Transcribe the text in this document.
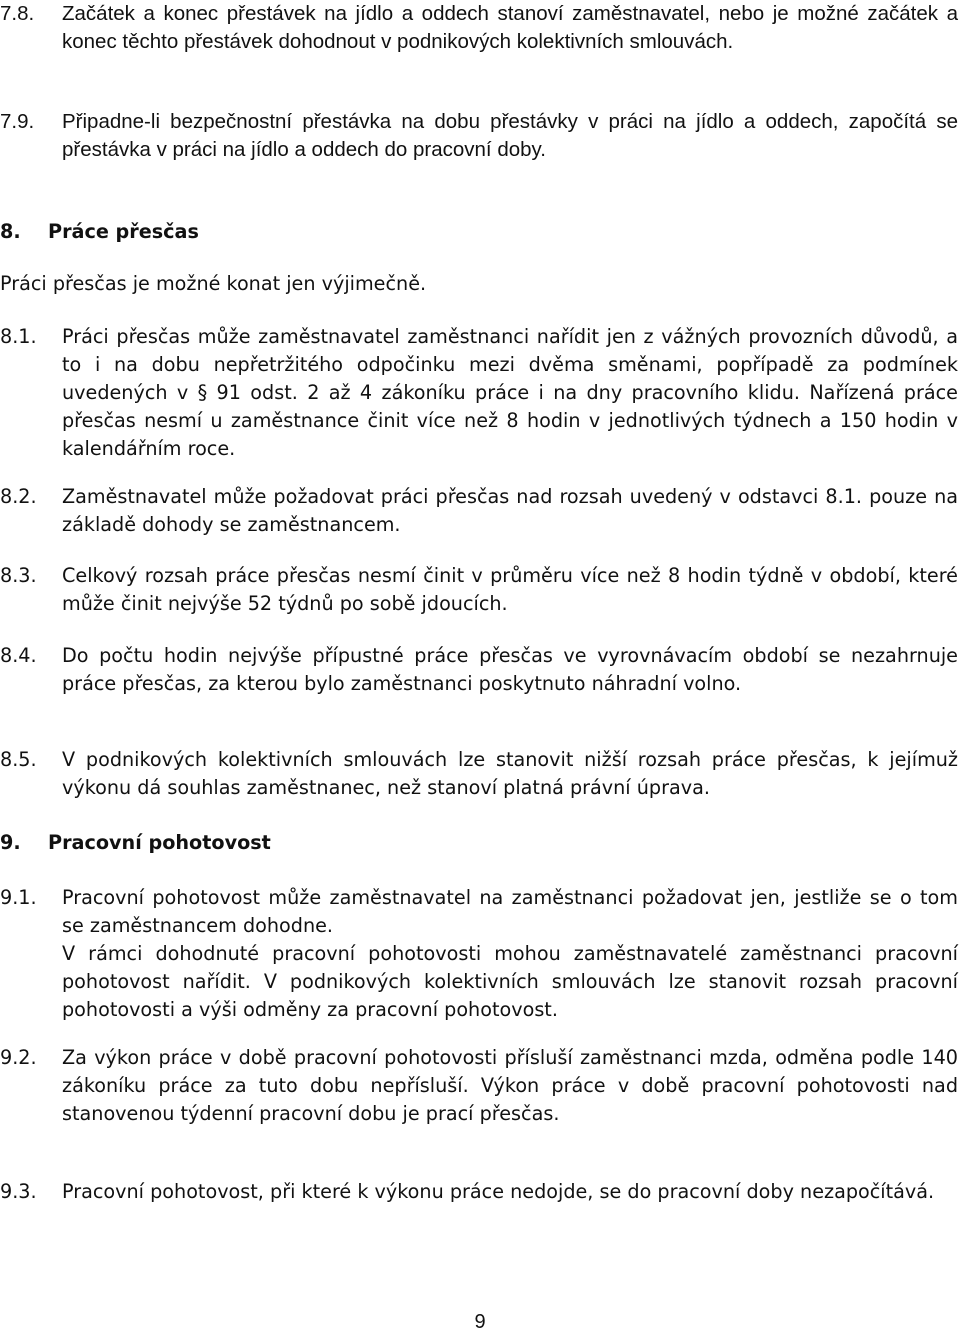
7.8. Začátek a konec přestávek na jídlo a oddech stanoví zaměstnavatel, nebo je možné začátek a konec těchto přestávek dohodnout v podnikových kolektivních smlouvách.
7.9. Připadne-li bezpečnostní přestávka na dobu přestávky v práci na jídlo a oddech, započítá se přestávka v práci na jídlo a oddech do pracovní doby.
8. Práce přesčas
Práci přesčas je možné konat jen výjimečně.
8.1. Práci přesčas může zaměstnavatel zaměstnanci nařídit jen z vážných provozních důvodů, a to i na dobu nepřetržitého odpočinku mezi dvěma směnami, popřípadě za podmínek uvedených v § 91 odst. 2 až 4 zákoníku práce i na dny pracovního klidu. Nařízená práce přesčas nesmí u zaměstnance činit více než 8 hodin v jednotlivých týdnech a 150 hodin v kalendářním roce.
8.2. Zaměstnavatel může požadovat práci přesčas nad rozsah uvedený v odstavci 8.1. pouze na základě dohody se zaměstnancem.
8.3. Celkový rozsah práce přesčas nesmí činit v průměru více než 8 hodin týdně v období, které může činit nejvýše 52 týdnů po sobě jdoucích.
8.4. Do počtu hodin nejvýše přípustné práce přesčas ve vyrovnávacím období se nezahrnuje práce přesčas, za kterou bylo zaměstnanci poskytnuto náhradní volno.
8.5. V podnikových kolektivních smlouvách lze stanovit nižší rozsah práce přesčas, k jejímuž výkonu dá souhlas zaměstnanec, než stanoví platná právní úprava.
9. Pracovní pohotovost
9.1. Pracovní pohotovost může zaměstnavatel na zaměstnanci požadovat jen, jestliže se o tom se zaměstnancem dohodne.
V rámci dohodnuté pracovní pohotovosti mohou zaměstnavatelé zaměstnanci pracovní pohotovost nařídit. V podnikových kolektivních smlouvách lze stanovit rozsah pracovní pohotovosti a výši odměny za pracovní pohotovost.
9.2. Za výkon práce v době pracovní pohotovosti přísluší zaměstnanci mzda, odměna podle 140 zákoníku práce za tuto dobu nepřísluší. Výkon práce v době pracovní pohotovosti nad stanovenou týdenní pracovní dobu je prací přesčas.
9.3. Pracovní pohotovost, při které k výkonu práce nedojde, se do pracovní doby nezapočítává.
9
